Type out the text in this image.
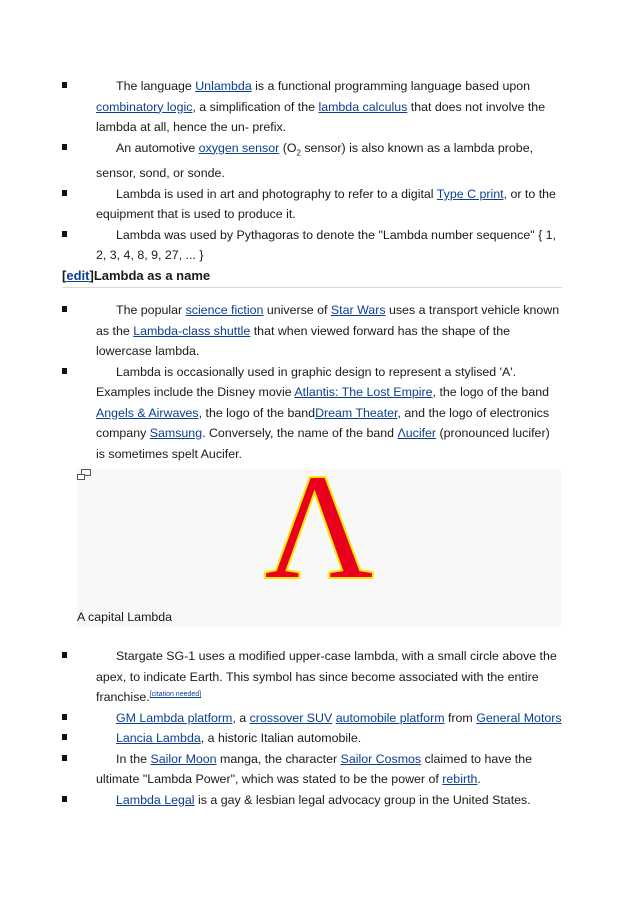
The language Unlambda is a functional programming language based upon combinatory logic, a simplification of the lambda calculus that does not involve the lambda at all, hence the un- prefix.
An automotive oxygen sensor ($O_2$ sensor) is also known as a lambda probe, sensor, sond, or sonde.
Lambda is used in art and photography to refer to a digital Type C print, or to the equipment that is used to produce it.
Lambda was used by Pythagoras to denote the "Lambda number sequence" { 1, 2, 3, 4, 8, 9, 27, ... }
[edit]Lambda as a name
The popular science fiction universe of Star Wars uses a transport vehicle known as the Lambda-class shuttle that when viewed forward has the shape of the lowercase lambda.
Lambda is occasionally used in graphic design to represent a stylised 'A'. Examples include the Disney movie Atlantis: The Lost Empire, the logo of the band Angels & Airwaves, the logo of the bandDream Theater, and the logo of electronics company Samsung. Conversely, the name of the band Λucifer (pronounced lucifer) is sometimes spelt Aucifer. Λ
A capital Lambda
Stargate SG-1 uses a modified upper-case lambda, with a small circle above the apex, to indicate Earth. This symbol has since become associated with the entire franchise.[citation needed]
GM Lambda platform, a crossover SUV automobile platform from General Motors
Lancia Lambda, a historic Italian automobile.
In the Sailor Moon manga, the character Sailor Cosmos claimed to have the ultimate "Lambda Power", which was stated to be the power of rebirth.
Lambda Legal is a gay & lesbian legal advocacy group in the United States.
